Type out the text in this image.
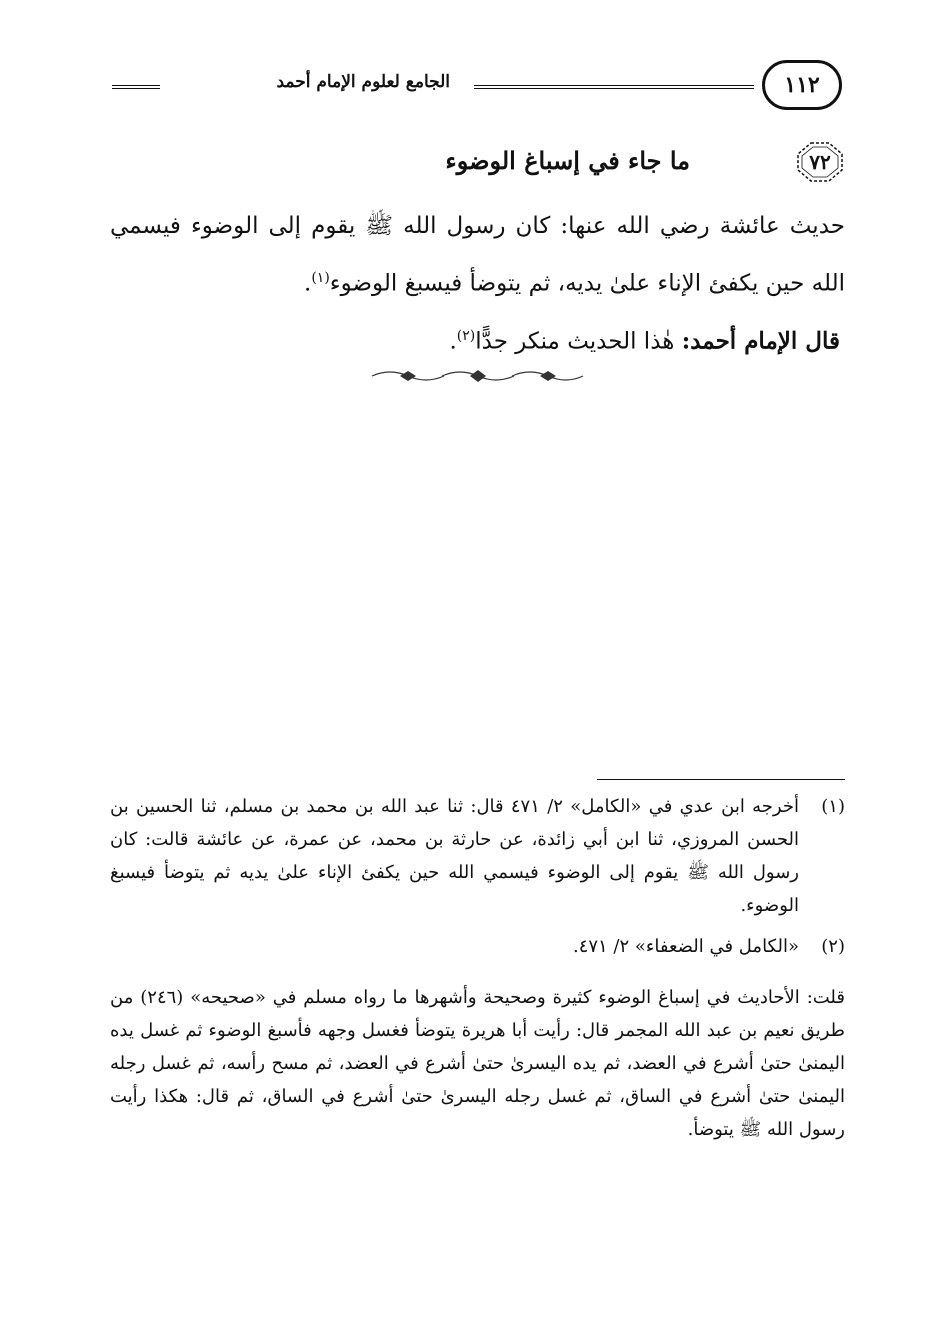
١١٢
الجامع لعلوم الإمام أحمد
٧٢
ما جاء في إسباغ الوضوء

حديث عائشة رضي الله عنها: كان رسول الله ﷺ يقوم إلى الوضوء فيسمي الله حين يكفئ الإناء علىٰ يديه، ثم يتوضأ فيسبغ الوضوء$^{(١)}$.

قال الإمام أحمد: هٰذا الحديث منكر جدًّا$^{(٢)}$.

(١)
أخرجه ابن عدي في «الكامل» ٢/ ٤٧١ قال: ثنا عبد الله بن محمد بن مسلم، ثنا الحسين بن الحسن المروزي، ثنا ابن أبي زائدة، عن حارثة بن محمد، عن عمرة، عن عائشة قالت: كان رسول الله ﷺ يقوم إلى الوضوء فيسمي الله حين يكفئ الإناء علىٰ يديه ثم يتوضأ فيسبغ الوضوء.
(٢)
«الكامل في الضعفاء» ٢/ ٤٧١.
قلت: الأحاديث في إسباغ الوضوء كثيرة وصحيحة وأشهرها ما رواه مسلم في «صحيحه» (٢٤٦) من طريق نعيم بن عبد الله المجمر قال: رأيت أبا هريرة يتوضأ فغسل وجهه فأسبغ الوضوء ثم غسل يده اليمنىٰ حتىٰ أشرع في العضد، ثم يده اليسرىٰ حتىٰ أشرع في العضد، ثم مسح رأسه، ثم غسل رجله اليمنىٰ حتىٰ أشرع في الساق، ثم غسل رجله اليسرىٰ حتىٰ أشرع في الساق، ثم قال: هكذا رأيت رسول الله ﷺ يتوضأ.
